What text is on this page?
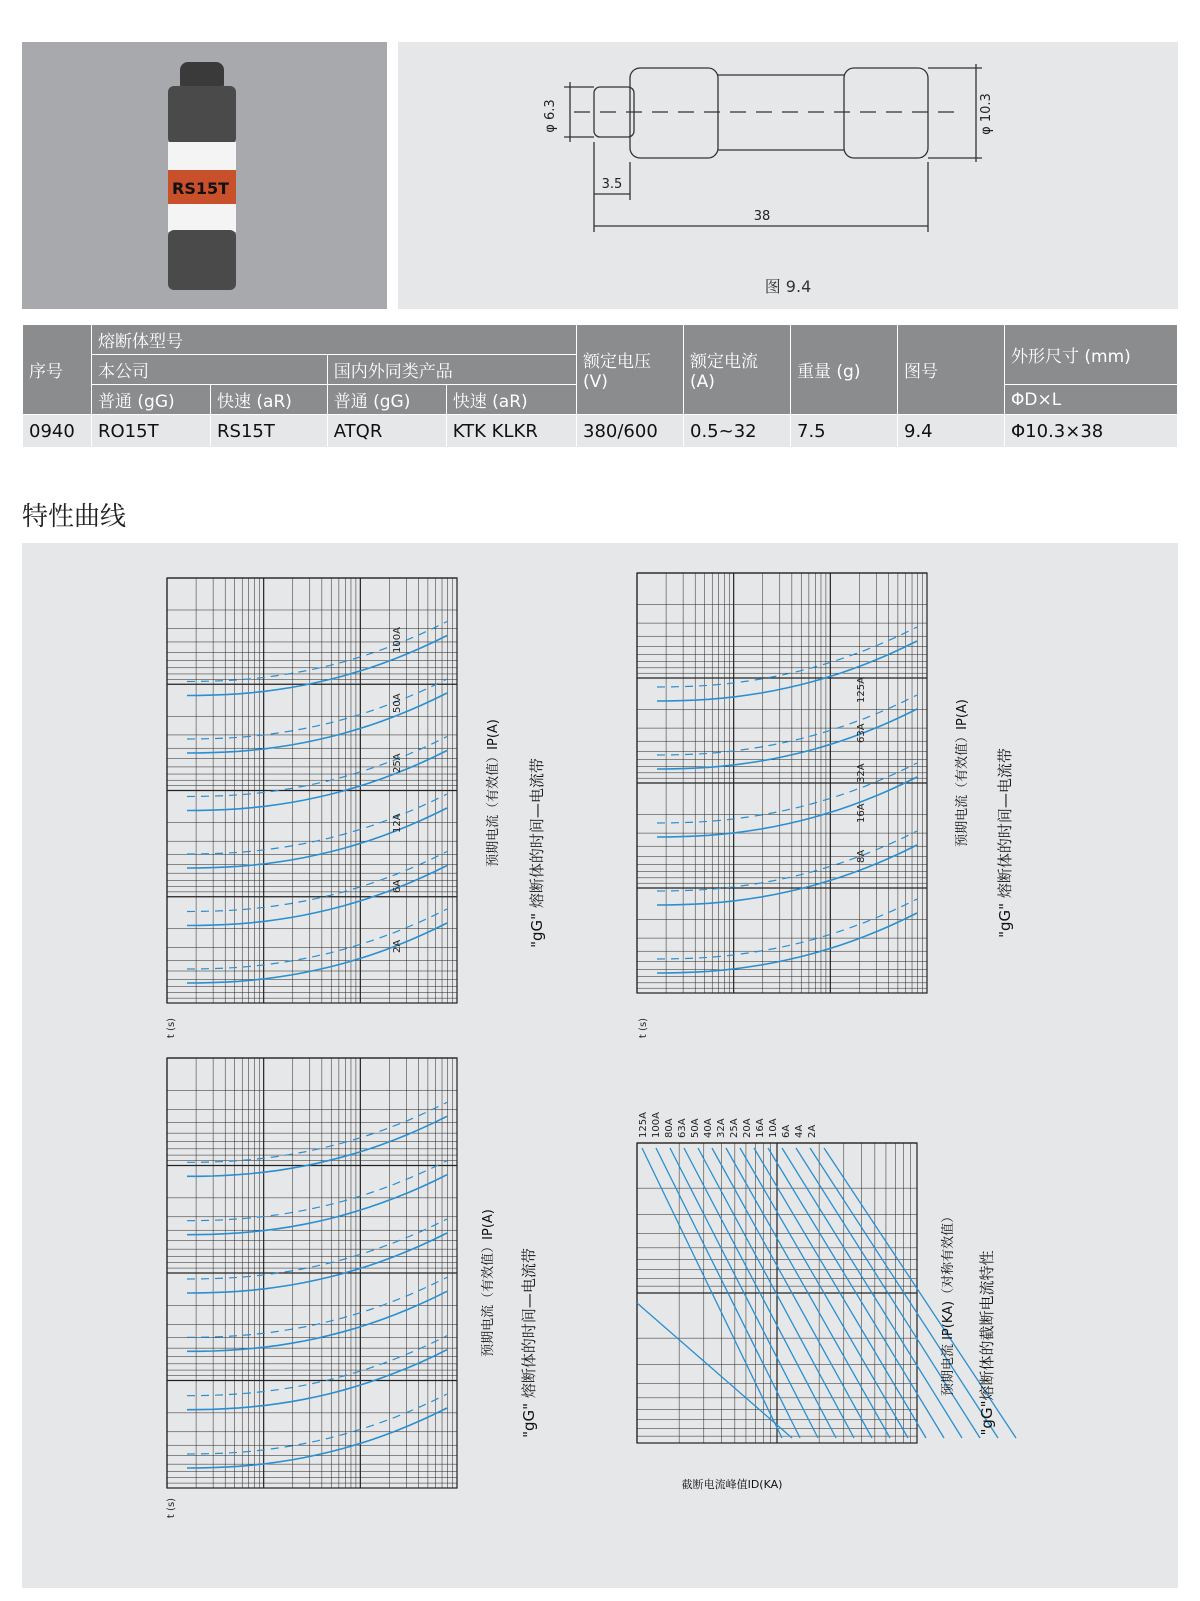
RS15T
φ 6.3	φ 10.3
3.5
38
图 9.4
序号	熔断体型号				额定电压 (V)	额定电流 (A)	重量 (g)	图号	外形尺寸 (mm)
	本公司		国内外同类产品						
	普通 (gG)	快速 (aR)	普通 (gG)	快速 (aR)					ΦD×L
0940	RO15T	RS15T	ATQR	KTK KLKR	380/600	0.5~32	7.5	9.4	Φ10.3×38
特性曲线
2A
6A
12A
25A
50A
100A
预期电流（有效值）IP(A) "gG" 熔断体的时间—电流带
t (s)
8A
16A
32A
63A
125A
预期电流（有效值）IP(A) "gG" 熔断体的时间—电流带
t (s)
预期电流（有效值）IP(A) "gG" 熔断体的时间—电流带
t (s)
125A 100A 80A 63A 50A 40A 32A 25A 20A 16A 10A 6A 4A 2A
预期电流 IP(KA)（对称有效值） "gG"熔断体的截断电流特性
截断电流峰值ID(KA)
